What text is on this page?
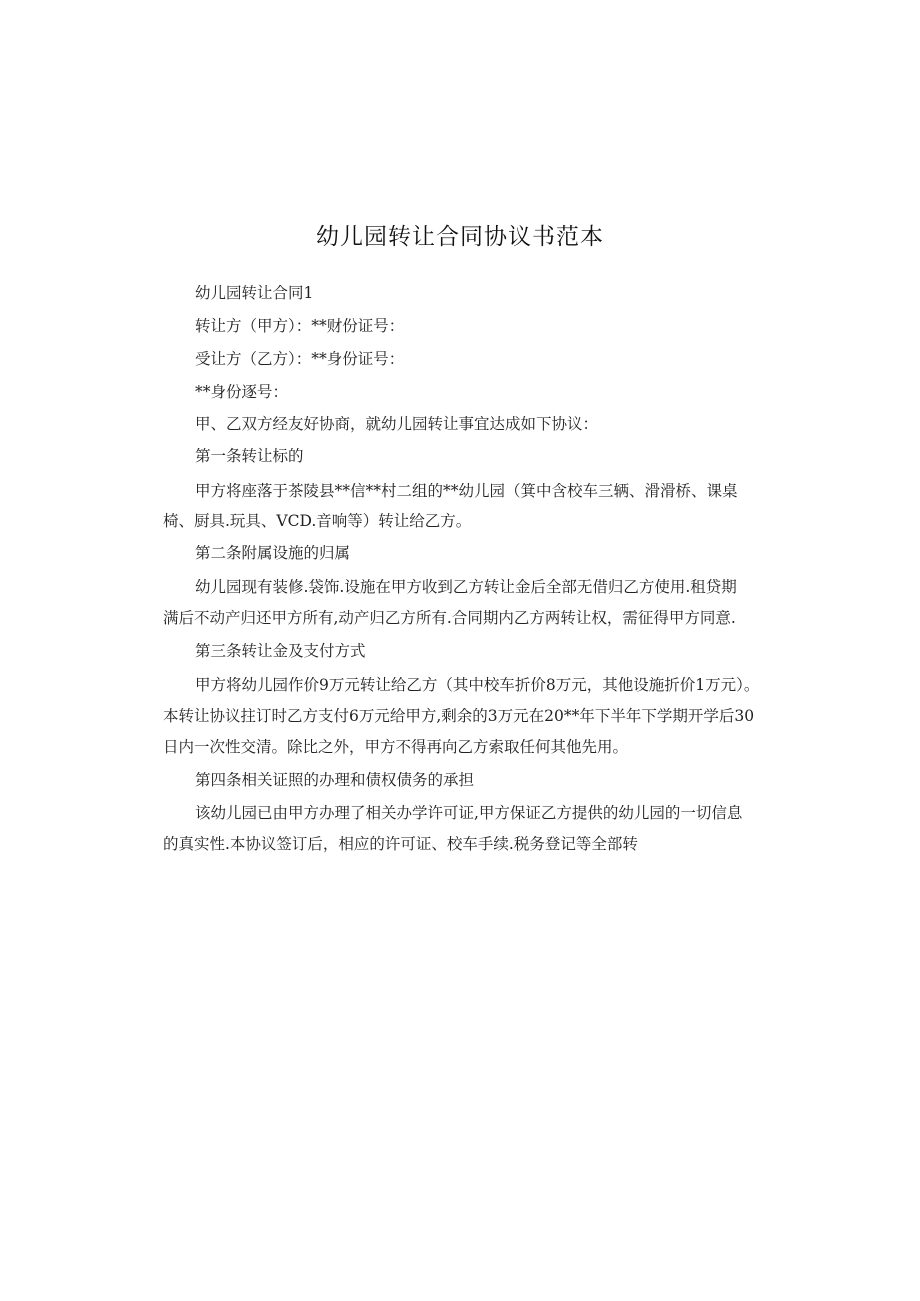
幼儿园转让合同协议书范本
幼儿园转让合同1
转让方（甲方）：**财份证号：
受让方（乙方）：**身份证号：
**身份逐号：
甲、乙双方经友好协商，就幼儿园转让事宜达成如下协议：
第一条转让标的
甲方将座落于茶陵县**信**村二组的**幼儿园（箕中含校车三辆、滑滑桥、课桌
椅、厨具.玩具、VCD.音响等）转让给乙方。
第二条附属设施的归属
幼儿园现有装修.袋饰.设施在甲方收到乙方转让金后全部无借归乙方使用.租贷期
满后不动产归还甲方所有,动产归乙方所有.合同期内乙方两转让权，需征得甲方同意.
第三条转让金及支付方式
甲方将幼儿园作价9万元转让给乙方（其中校车折价8万元，其他设施折价1万元）。
本转让协议拄订时乙方支付6万元给甲方,剩余的3万元在20**年下半年下学期开学后30
日内一次性交清。除比之外，甲方不得再向乙方索取任何其他先用。
第四条相关证照的办理和债权债务的承担
该幼儿园已由甲方办理了相关办学许可证,甲方保证乙方提供的幼儿园的一切信息
的真实性.本协议签订后，相应的许可证、校车手续.税务登记等全部转
